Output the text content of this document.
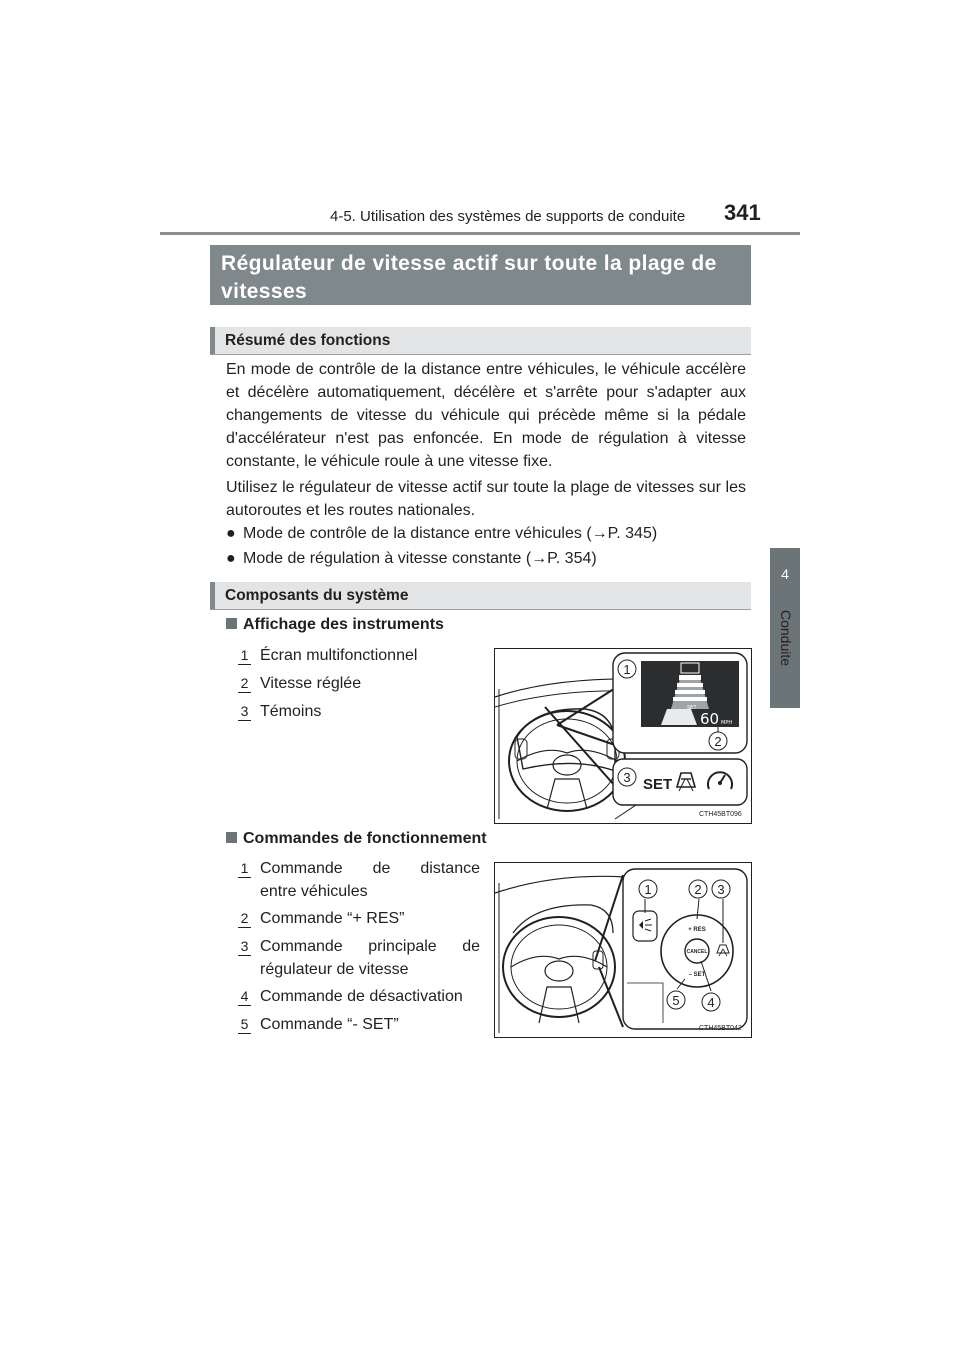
4-5. Utilisation des systèmes de supports de conduite 341
4
Conduite
Régulateur de vitesse actif sur toute la plage de vitesses
Résumé des fonctions
En mode de contrôle de la distance entre véhicules, le véhicule accélère et décélère automatiquement, décélère et s'arrête pour s'adapter aux changements de vitesse du véhicule qui précède même si la pédale d'accélérateur n'est pas enfoncée. En mode de régulation à vitesse constante, le véhicule roule à une vitesse fixe.
Utilisez le régulateur de vitesse actif sur toute la plage de vitesses sur les autoroutes et les routes nationales.
● Mode de contrôle de la distance entre véhicules (→P. 345)
● Mode de régulation à vitesse constante (→P. 354)
Composants du système
Affichage des instruments
1 Écran multifonctionnel
2 Vitesse réglée
3 Témoins	SET
60 MPH
SET
1
2
3
CTH45BT096
Commandes de fonctionnement
1 Commande de distance
entre véhicules
2 Commande “+ RES”
3 Commande principale de
régulateur de vitesse
4 Commande de désactivation
5 Commande “- SET”
CANCEL
+ RES
– SET
1	2 3
5 4
CTH45BT042
